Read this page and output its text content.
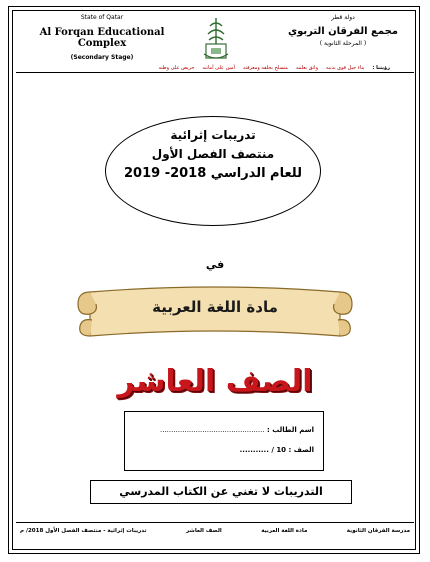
State of Qatar
Al Forqan Educational Complex
(Secondary Stage)
دولة قطر
مجمع الفرقان التربوي
( المرحلة الثانوية )
رؤيتنا :
بناء جيل قوي بدينه
واثق بعلمه
متسلح بخلقه ومعرفته
أمين على أمانته
حريص على وطنه
تدريبات إثرائية
منتصف الفصل الأول
للعام الدراسي 2018- 2019
في
مادة اللغة العربية
الصف العاشر
اسم الطالب : ...............................................
الصف : 10 / ...........
التدريبات لا تغني عن الكتاب المدرسي
مدرسة الفرقان الثانوية
مادة اللغة العربية
الصف العاشر
تدريبات إثرائية - منتصف الفصل الأول 2018/ م
